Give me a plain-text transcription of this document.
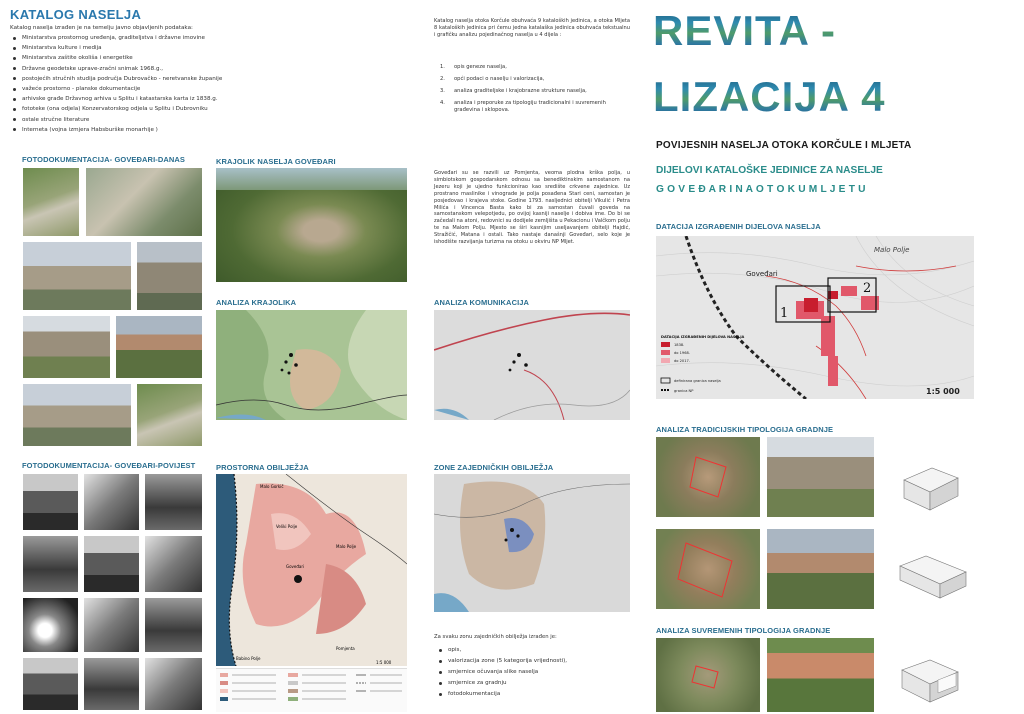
KATALOG NASELJA
Katalog naselja izrađen je na temelju javno objavljenih podataka:
Ministarstva prostornog uređenja, graditeljstva i državne imovine
Ministarstva kulture i medija
Ministarstva zaštite okoliša i energetike
Državne geodetske uprave-zračni snimak 1968.g.,
postojećih stručnih studija područja Dubrovačko - neretvanske županije
važeće prostorno - planske dokumentacije
arhivske građe Državnog arhiva u Splitu i katastarska karta iz 1838.g.
fototeke (ona odjela) Konzervatorskog odjela u Splitu i Dubrovniku
ostale stručne literature
Interneta (vojna izmjera Habsburške monarhije )
Katalog naselja otoka Korčule obuhvaća 9 kataloških jedinica, a otoka Mljeta 8 kataloških jedinica pri čemu jedna katalaška jedinica obuhvaća tekstualnu i grafičku analizu pojedinačnog naselja u 4 dijela :
1. opis geneze naselja,
2. opći podaci o naselju i valorizacija,
3. analiza graditeljske i krajobrazne strukture naselja,
4. analiza i preporuke za tipologiju tradicionalni i suvremenih građevina i sklopova.
FOTODOKUMENTACIJA- GOVEĐARI-DANAS
FOTODOKUMENTACIJA- GOVEĐARI-POVIJEST
KRAJOLIK NASELJA GOVEĐARI
Goveđari su se razvili uz Pomjenta, veoma plodna krška polja, u simbiotskom gospodarskom odnosu sa benediktinskim samostanom na Jezeru koji je ujedno funkcionirao kao središte crkvene zajednice. Uz prostrano maslinike i vinograde je polja posađena Stari ceni, samostan je posjedovao i krajeva stoke. Godine 1793. nasljednici obitelji Vikulić i Petra Milića i Vincenca Basta kako bi za samostan čuvali goveda na samostanskom velepotjedu, po ovijoj kasniji naselje i dobiva ime. Do bi se začedali na atoni, redovnici su dodijele zemljišta u Pekacionu i Valčkom polju te na Malom Polju. Mjesto se širi kasnijim useljavanjem obitelji Hajdić, Stražičić, Matana i ostali. Tako nastaje današnji Goveđari, selo koje je ishodište razvijanja turizma na otoku u okviru NP Mljet.
ANALIZA KRAJOLIKA	ANALIZA KOMUNIKACIJA
PROSTORNA OBILJEŽJA
Malo Gorkič
Veliki Polje
Malo Polje
Goveđari
Babino Polje
Pomjenta
1:5 000
ZONE ZAJEDNIČKIH OBILJEŽJA
Za svaku zonu zajedničkih obilježja izrađen je:
opis,
valorizacija zone (5 kategorija vrijednosti),
smjernice očuvanja slike naselja
smjernice za gradnju
fotodokumentacija
REVITA -
LIZACIJA 4
POVIJESNIH NASELJA OTOKA KORČULE I MLJETA
DIJELOVI KATALOŠKE JEDINICE ZA NASELJE
G O V E Đ A R I N A O T O K U M L J E T U
DATACIJA IZGRAĐENIH DIJELOVA NASELJA
1
2
Goveđari
Malo Polje
1:5 000
DATACIJA IZGRAĐENIH DIJELOVA NASELJA
1838.
do 1968.
do 2017.
definirana granica naselja
granica NP
ANALIZA TRADICIJSKIH TIPOLOGIJA GRADNJE
ANALIZA SUVREMENIH TIPOLOGIJA GRADNJE
